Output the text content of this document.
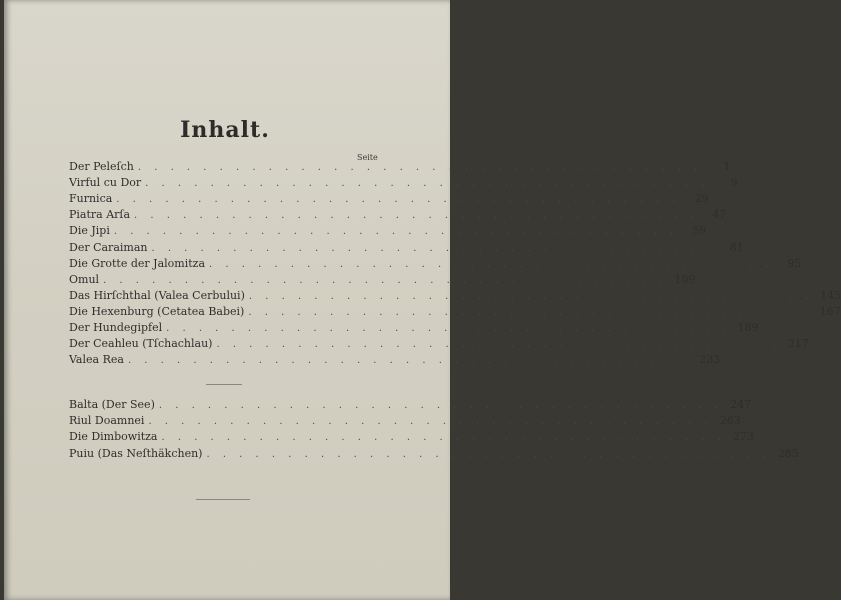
Inhalt.
Seite
Der Peleſch . . . . . . . . . . . . . . . . . . . . . . . . . . . . . . . . . . .	1
Virful cu Dor . . . . . . . . . . . . . . . . . . . . . . . . . . . . . . . . . . .	9
Furnica . . . . . . . . . . . . . . . . . . . . . . . . . . . . . . . . . . .	29
Piatra Arſa . . . . . . . . . . . . . . . . . . . . . . . . . . . . . . . . . . .	47
Die Jipi . . . . . . . . . . . . . . . . . . . . . . . . . . . . . . . . . . .	59
Der Caraiman . . . . . . . . . . . . . . . . . . . . . . . . . . . . . . . . . . .	81
Die Grotte der Jalomitza . . . . . . . . . . . . . . . . . . . . . . . . . . . . . . . . . . .	95
Omul . . . . . . . . . . . . . . . . . . . . . . . . . . . . . . . . . . . 109
Das Hirſchthal (Valea Cerbului) . . . . . . . . . . . . . . . . . . . . . . . . . . . . . . . . . . . 145
Die Hexenburg (Cetatea Babei) . . . . . . . . . . . . . . . . . . . . . . . . . . . . . . . . . . . 167
Der Hundegipfel . . . . . . . . . . . . . . . . . . . . . . . . . . . . . . . . . . . 189
Der Ceahleu (Tſchachlau) . . . . . . . . . . . . . . . . . . . . . . . . . . . . . . . . . . . 217
Valea Rea . . . . . . . . . . . . . . . . . . . . . . . . . . . . . . . . . . . 233
Balta (Der See) . . . . . . . . . . . . . . . . . . . . . . . . . . . . . . . . . . . 247
Riul Doamnei . . . . . . . . . . . . . . . . . . . . . . . . . . . . . . . . . . . 263
Die Dimbowitza . . . . . . . . . . . . . . . . . . . . . . . . . . . . . . . . . . . 273
Puiu (Das Neſthäkchen) . . . . . . . . . . . . . . . . . . . . . . . . . . . . . . . . . . . 285
